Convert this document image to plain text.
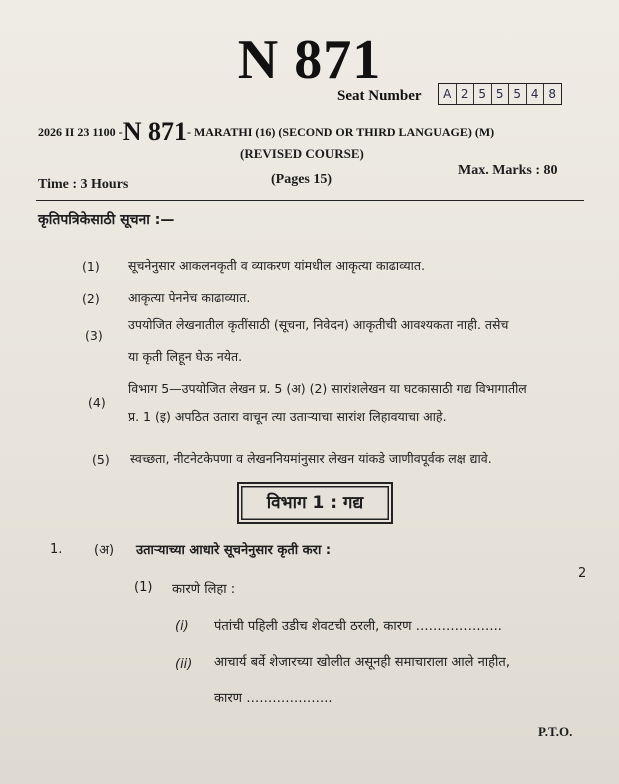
N 871
Seat Number	A 2 5 5 5 4 8
2026 II 23 1100 -N 871- MARATHI (16) (SECOND OR THIRD LANGUAGE) (M)
(REVISED COURSE)
Time : 3 Hours	(Pages 15)
Max. Marks : 80
कृतिपत्रिकेसाठी सूचना :—
(1) सूचनेनुसार आकलनकृती व व्याकरण यांमधील आकृत्या काढाव्यात.
(2) आकृत्या पेननेच काढाव्यात.
(3)
उपयोजित लेखनातील कृतींसाठी (सूचना, निवेदन) आकृतीची आवश्यकता नाही. तसेच
या कृती लिहून घेऊ नयेत.
(4)
विभाग 5—उपयोजित लेखन प्र. 5 (अ) (2) सारांशलेखन या घटकासाठी गद्य विभागातील
प्र. 1 (इ) अपठित उतारा वाचून त्या उताऱ्याचा सारांश लिहावयाचा आहे.
(5) स्वच्छता, नीटनेटकेपणा व लेखननियमांनुसार लेखन यांकडे जाणीवपूर्वक लक्ष द्यावे.
विभाग 1 : गद्य
1. (अ) उताऱ्याच्या आधारे सूचनेनुसार कृती करा :
2
(1) कारणे लिहा :
(i) पंतांची पहिली उडीच शेवटची ठरली, कारण ………………..
(ii) आचार्य बर्वे शेजारच्या खोलीत असूनही समाचाराला आले नाहीत,
कारण ………………..
P.T.O.
